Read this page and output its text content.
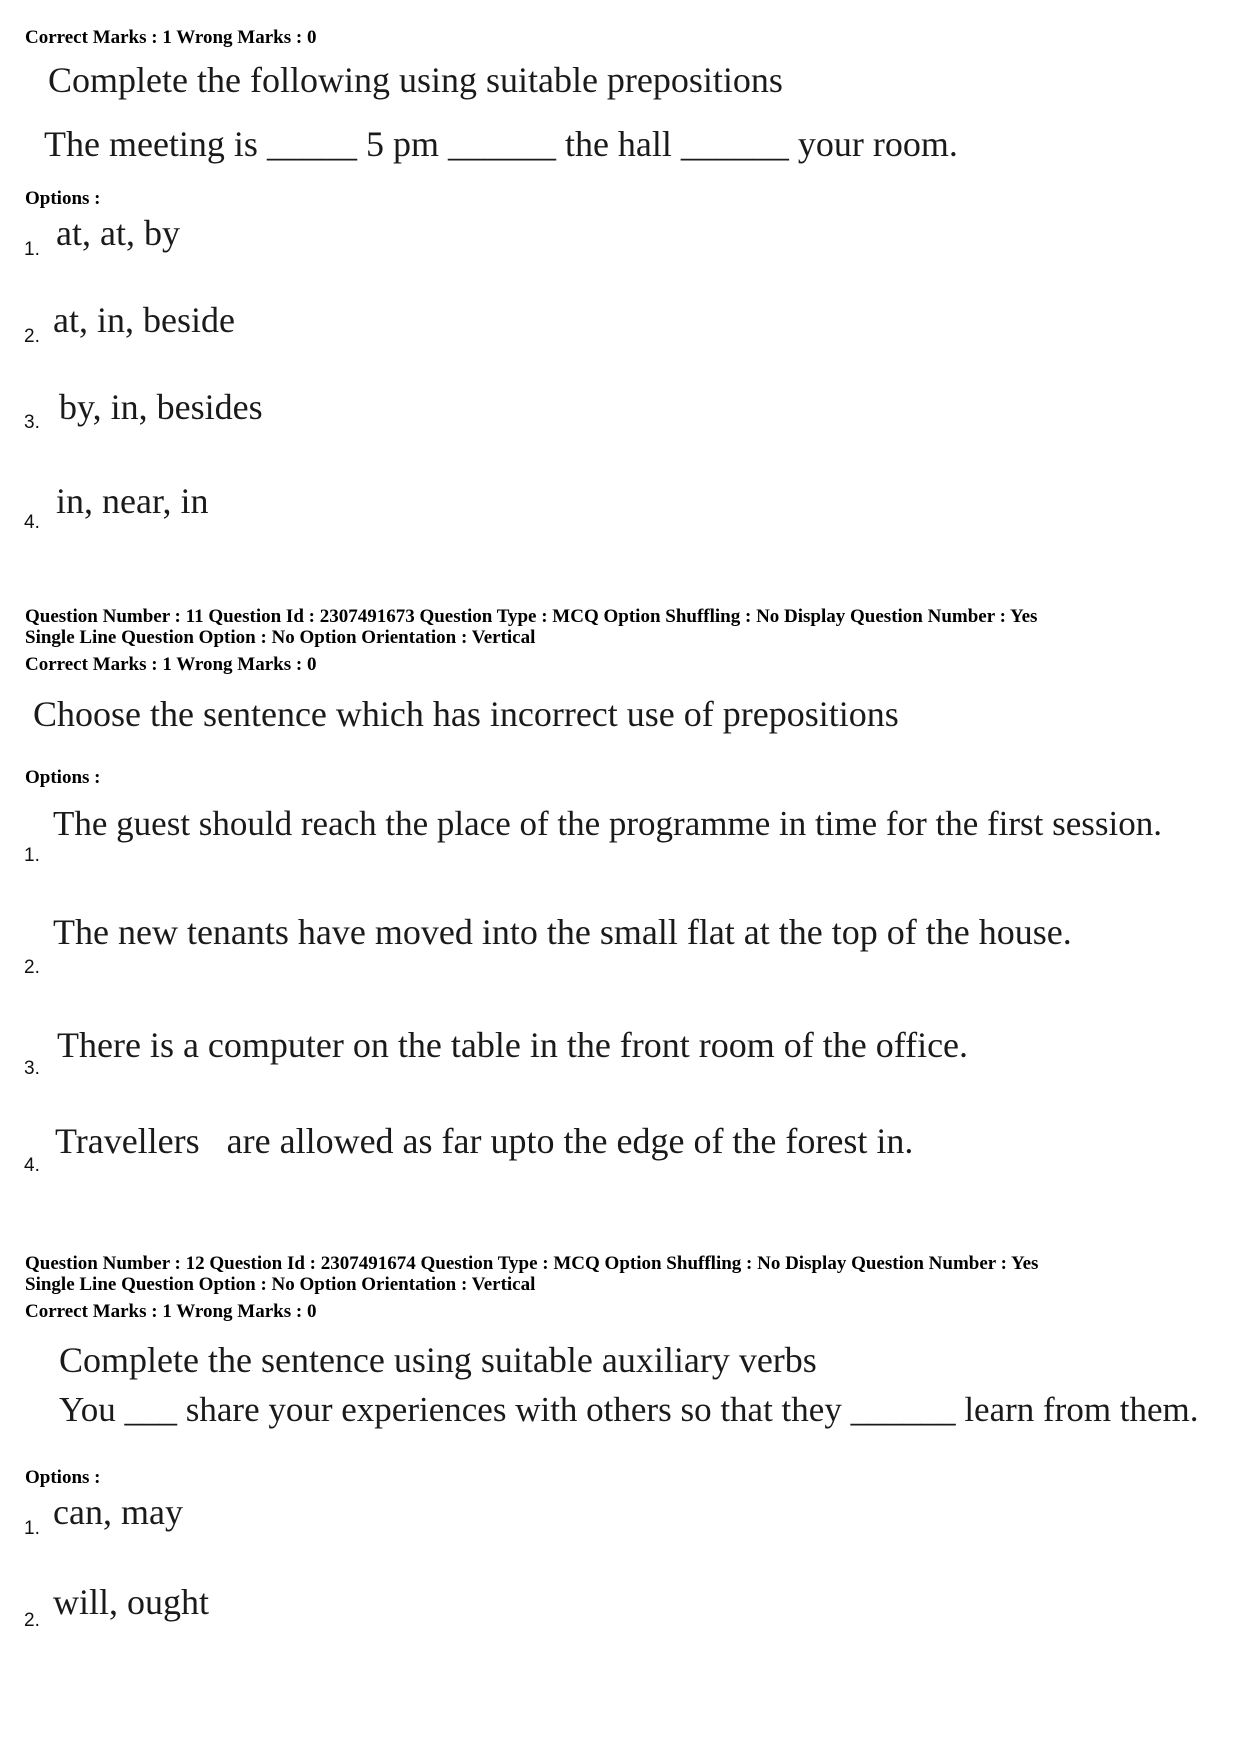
Correct Marks : 1 Wrong Marks : 0
Complete the following using suitable prepositions
The meeting is _____ 5 pm ______ the hall ______ your room.
Options :
1. at, at, by
2. at, in, beside
3. by, in, besides
4.
in, near, in
Question Number : 11 Question Id : 2307491673 Question Type : MCQ Option Shuffling : No Display Question Number : Yes
Single Line Question Option : No Option Orientation : Vertical
Correct Marks : 1 Wrong Marks : 0
Choose the sentence which has incorrect use of prepositions
Options :
1.
The guest should reach the place of the programme in time for the first session.
2.
The new tenants have moved into the small flat at the top of the house.
3.
There is a computer on the table in the front room of the office.
4.
Travellers   are allowed as far upto the edge of the forest in.
Question Number : 12 Question Id : 2307491674 Question Type : MCQ Option Shuffling : No Display Question Number : Yes
Single Line Question Option : No Option Orientation : Vertical
Correct Marks : 1 Wrong Marks : 0
Complete the sentence using suitable auxiliary verbs
You ___ share your experiences with others so that they ______ learn from them.
Options :
1. can, may
2. will, ought
